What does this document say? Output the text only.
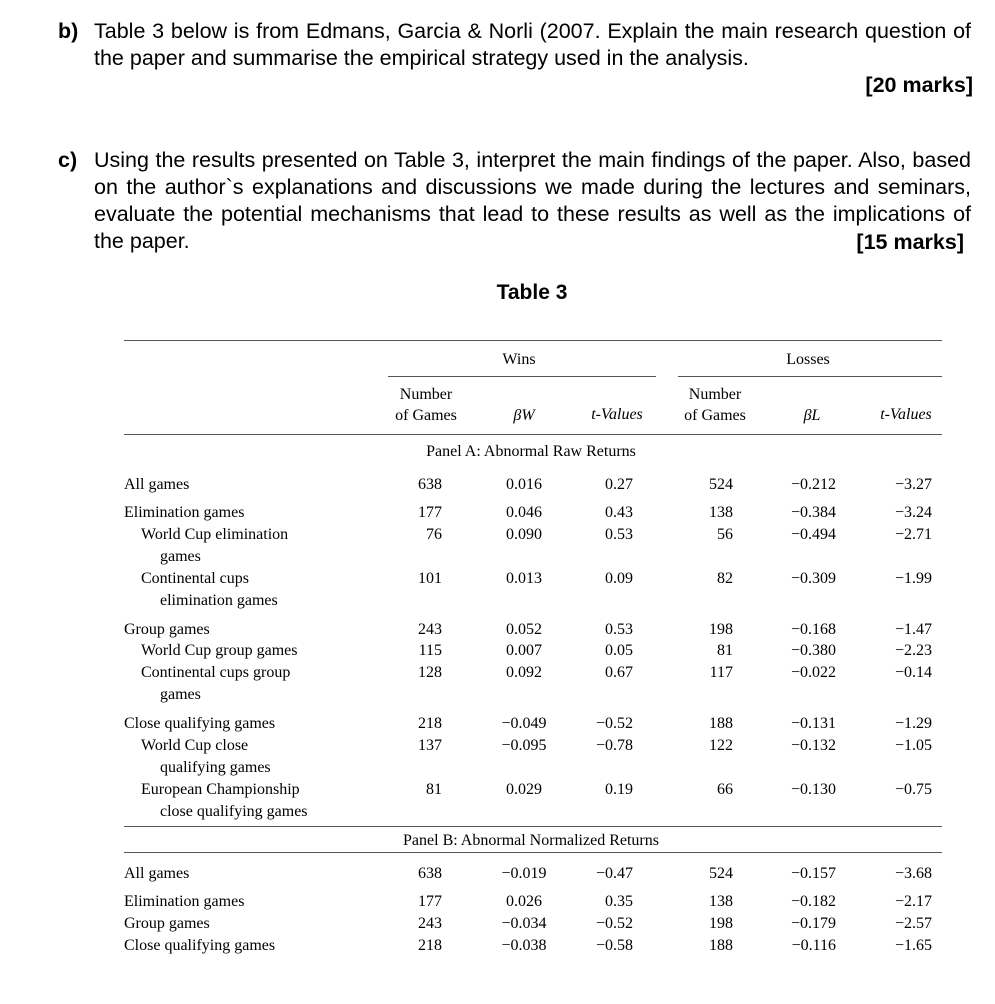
b) Table 3 below is from Edmans, Garcia & Norli (2007. Explain the main research question of the paper and summarise the empirical strategy used in the analysis.
[20 marks]
c) Using the results presented on Table 3, interpret the main findings of the paper. Also, based on the author`s explanations and discussions we made during the lectures and seminars, evaluate the potential mechanisms that lead to these results as well as the implications of the paper.	[15 marks]
Table 3
Wins	Losses
Number
of Games	βW	t-Values
Number
of Games	βL	t-Values
Panel A: Abnormal Raw Returns
All games	638	0.016	0.27	524	−0.212	−3.27
Elimination games	177	0.046	0.43	138	−0.384	−3.24
World Cup elimination
games
76	0.090	0.53	56	−0.494	−2.71
Continental cups
elimination games
101	0.013	0.09	82	−0.309	−1.99
Group games	243	0.052	0.53	198	−0.168	−1.47
World Cup group games	115	0.007	0.05	81	−0.380	−2.23
Continental cups group
games
128	0.092	0.67	117	−0.022	−0.14
Close qualifying games	218	−0.049	−0.52	188	−0.131	−1.29
World Cup close
qualifying games
137	−0.095	−0.78	122	−0.132	−1.05
European Championship
close qualifying games
81	0.029	0.19	66	−0.130	−0.75
Panel B: Abnormal Normalized Returns
All games	638	−0.019	−0.47	524	−0.157	−3.68
Elimination games	177	0.026	0.35	138	−0.182	−2.17
Group games	243	−0.034	−0.52	198	−0.179	−2.57
Close qualifying games	218	−0.038	−0.58	188	−0.116	−1.65
